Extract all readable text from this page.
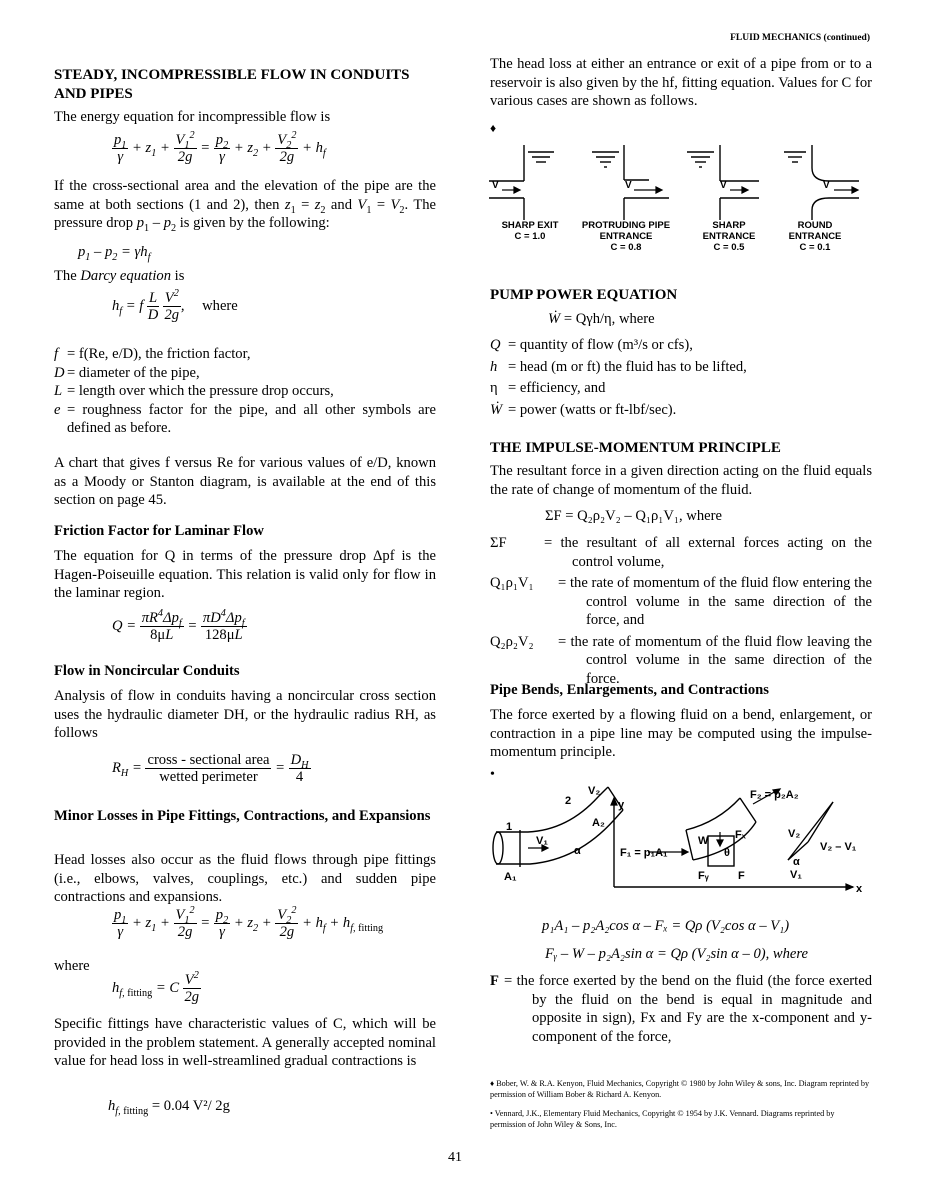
FLUID MECHANICS (continued)
STEADY, INCOMPRESSIBLE FLOW IN CONDUITS AND PIPES
The energy equation for incompressible flow is
$\frac{p_1}{\gamma} + z_1 + \frac{V_1^2}{2g} = \frac{p_2}{\gamma} + z_2 + \frac{V_2^2}{2g} + h_f$
If the cross-sectional area and the elevation of the pipe are the same at both sections (1 and 2), then $z_1 = z_2$ and $V_1 = V_2$. The pressure drop $p_1 - p_2$ is given by the following:
$p_1 - p_2 = \gamma h_f$
The Darcy equation is
$h_f = f \frac{L}{D}$
$\frac{V^2}{2g}$ , where
f = f(Re, e/D), the friction factor,
D = diameter of the pipe,
L = length over which the pressure drop occurs,
e = roughness factor for the pipe, and all other symbols are defined as before.
A chart that gives f versus Re for various values of e/D, known as a Moody or Stanton diagram, is available at the end of this section on page 45.
Friction Factor for Laminar Flow
The equation for Q in terms of the pressure drop Δpf is the Hagen-Poiseuille equation. This relation is valid only for flow in the laminar region.
$Q = \frac{\pi R^4\Delta p_f}{8\mu L} = \frac{\pi D^4\Delta p_f}{128\mu L}$
Flow in Noncircular Conduits
Analysis of flow in conduits having a noncircular cross section uses the hydraulic diameter DH, or the hydraulic radius RH, as follows
$R_H = \frac{\text{cross - sectional area}}{\text{wetted perimeter}} = \frac{D_H}{4}$
Minor Losses in Pipe Fittings, Contractions, and Expansions
Head losses also occur as the fluid flows through pipe fittings (i.e., elbows, valves, couplings, etc.) and sudden pipe contractions and expansions.
$\frac{p_1}{\gamma} + z_1 + \frac{V_1^2}{2g} = \frac{p_2}{\gamma} + z_2 + \frac{V_2^2}{2g} + h_f + h_{f, fitting}$
where
$h_{f, fitting} = C \frac{V^2}{2g}$
Specific fittings have characteristic values of C, which will be provided in the problem statement. A generally accepted nominal value for head loss in well-streamlined gradual contractions is
$h_{f, fitting} = 0.04$ V²/ 2g
The head loss at either an entrance or exit of a pipe from or to a reservoir is also given by the hf, fitting equation. Values for C for various cases are shown as follows.
♦
V	V	V	V
SHARP EXIT
C = 1.0
PROTRUDING PIPE ENTRANCE
C = 0.8
SHARP ENTRANCE
C = 0.5
ROUND ENTRANCE
C = 0.1
PUMP POWER EQUATION
Ẇ = Qγh/η, where
Q = quantity of flow (m³/s or cfs),
h = head (m or ft) the fluid has to be lifted,
η = efficiency, and
Ẇ = power (watts or ft-lbf/sec).
THE IMPULSE-MOMENTUM PRINCIPLE
The resultant force in a given direction acting on the fluid equals the rate of change of momentum of the fluid.
ΣF = Q₂ρ₂V₂ – Q₁ρ₁V₁, where
ΣF	= the resultant of all external forces acting on the control volume,
Q₁ρ₁V₁	= the rate of momentum of the fluid flow entering the control volume in the same direction of the force, and
Q₂ρ₂V₂	= the rate of momentum of the fluid flow leaving the control volume in the same direction of the force.
Pipe Bends, Enlargements, and Contractions
The force exerted by a flowing fluid on a bend, enlargement, or contraction in a pipe line may be computed using the impulse-momentum principle.
•
1
2
V₁
V₂
A₁
A₂
α
y
x
F₁ = p₁A₁
F₂ = p₂A₂
W Fₓ
Fᵧ	F
θ
V₂
α
V₂ – V₁
V₁
p₁A₁ – p₂A₂cos α – Fₓ = Qρ (V₂cos α – V₁)
Fᵧ – W – p₂A₂sin α = Qρ (V₂sin α – 0), where
F = the force exerted by the bend on the fluid (the force exerted by the fluid on the bend is equal in magnitude and opposite in sign), Fx and Fy are the x-component and y-component of the force,
♦ Bober, W. & R.A. Kenyon, Fluid Mechanics, Copyright © 1980 by John Wiley & sons, Inc. Diagram reprinted by permission of William Bober & Richard A. Kenyon.
• Vennard, J.K., Elementary Fluid Mechanics, Copyright © 1954 by J.K. Vennard. Diagrams reprinted by permission of John Wiley & Sons, Inc.
41
